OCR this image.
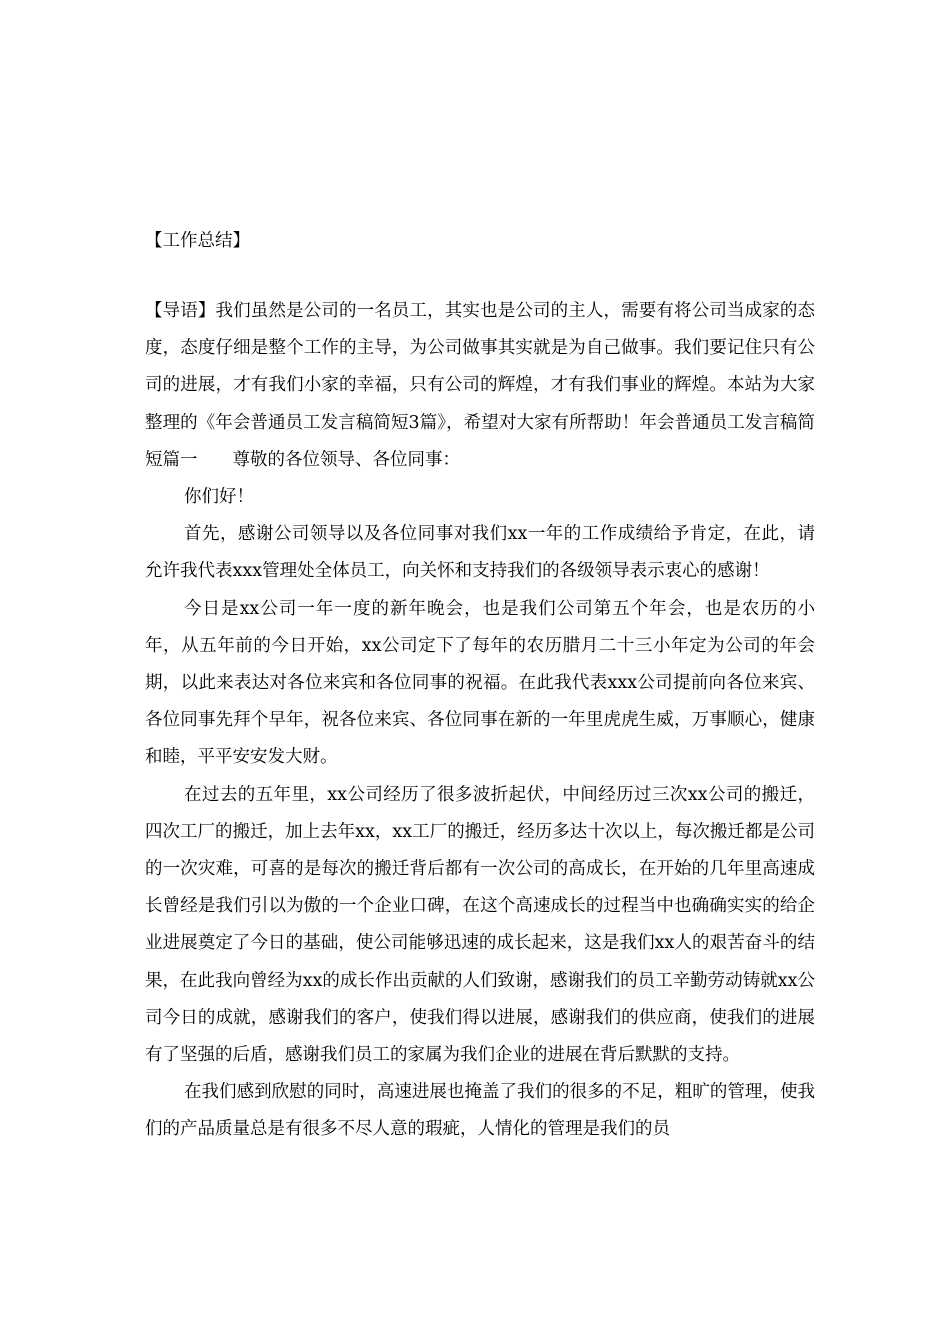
【工作总结】

【导语】我们虽然是公司的一名员工，其实也是公司的主人，需要有将公司当成家的态度，态度仔细是整个工作的主导，为公司做事其实就是为自己做事。我们要记住只有公司的进展，才有我们小家的幸福，只有公司的辉煌，才有我们事业的辉煌。本站为大家整理的《年会普通员工发言稿简短3篇》，希望对大家有所帮助！年会普通员工发言稿简短篇一　　尊敬的各位领导、各位同事：

你们好！

首先，感谢公司领导以及各位同事对我们xx一年的工作成绩给予肯定，在此，请允许我代表xxx管理处全体员工，向关怀和支持我们的各级领导表示衷心的感谢！

今日是xx公司一年一度的新年晚会，也是我们公司第五个年会，也是农历的小年，从五年前的今日开始，xx公司定下了每年的农历腊月二十三小年定为公司的年会期，以此来表达对各位来宾和各位同事的祝福。在此我代表xxx公司提前向各位来宾、各位同事先拜个早年，祝各位来宾、各位同事在新的一年里虎虎生威，万事顺心，健康和睦，平平安安发大财。

在过去的五年里，xx公司经历了很多波折起伏，中间经历过三次xx公司的搬迁，四次工厂的搬迁，加上去年xx，xx工厂的搬迁，经历多达十次以上，每次搬迁都是公司的一次灾难，可喜的是每次的搬迁背后都有一次公司的高成长，在开始的几年里高速成长曾经是我们引以为傲的一个企业口碑，在这个高速成长的过程当中也确确实实的给企业进展奠定了今日的基础，使公司能够迅速的成长起来，这是我们xx人的艰苦奋斗的结果，在此我向曾经为xx的成长作出贡献的人们致谢，感谢我们的员工辛勤劳动铸就xx公司今日的成就，感谢我们的客户，使我们得以进展，感谢我们的供应商，使我们的进展有了坚强的后盾，感谢我们员工的家属为我们企业的进展在背后默默的支持。

在我们感到欣慰的同时，高速进展也掩盖了我们的很多的不足，粗旷的管理，使我们的产品质量总是有很多不尽人意的瑕疵，人情化的管理是我们的员
